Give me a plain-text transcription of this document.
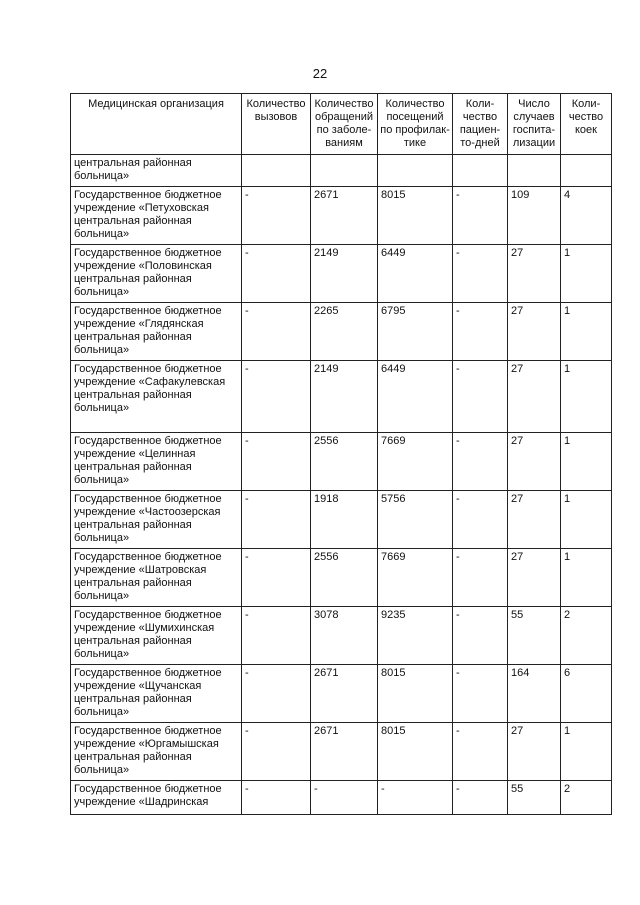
22
Медицинская организация	Количество вызовов	Количество обращений по заболе- ваниям	Количество посещений по профилак- тике	Коли- чество пациен- то-дней	Число случаев госпита- лизации	Коли- чество коек
центральная районная больница»						
Государственное бюджетное учреждение «Петуховская центральная районная больница»	-	2671	8015	-	109	4
Государственное бюджетное учреждение «Половинская центральная районная больница»	-	2149	6449	-	27	1
Государственное бюджетное учреждение «Глядянская центральная районная больница»	-	2265	6795	-	27	1
Государственное бюджетное учреждение «Сафакулевская центральная районная больница»	-	2149	6449	-	27	1
Государственное бюджетное учреждение «Целинная центральная районная больница»	-	2556	7669	-	27	1
Государственное бюджетное учреждение «Частоозерская центральная районная больница»	-	1918	5756	-	27	1
Государственное бюджетное учреждение «Шатровская центральная районная больница»	-	2556	7669	-	27	1
Государственное бюджетное учреждение «Шумихинская центральная районная больница»	-	3078	9235	-	55	2
Государственное бюджетное учреждение «Щучанская центральная районная больница»	-	2671	8015	-	164	6
Государственное бюджетное учреждение «Юргамышская центральная районная больница»	-	2671	8015	-	27	1
Государственное бюджетное учреждение «Шадринская	-	-	-	-	55	2
